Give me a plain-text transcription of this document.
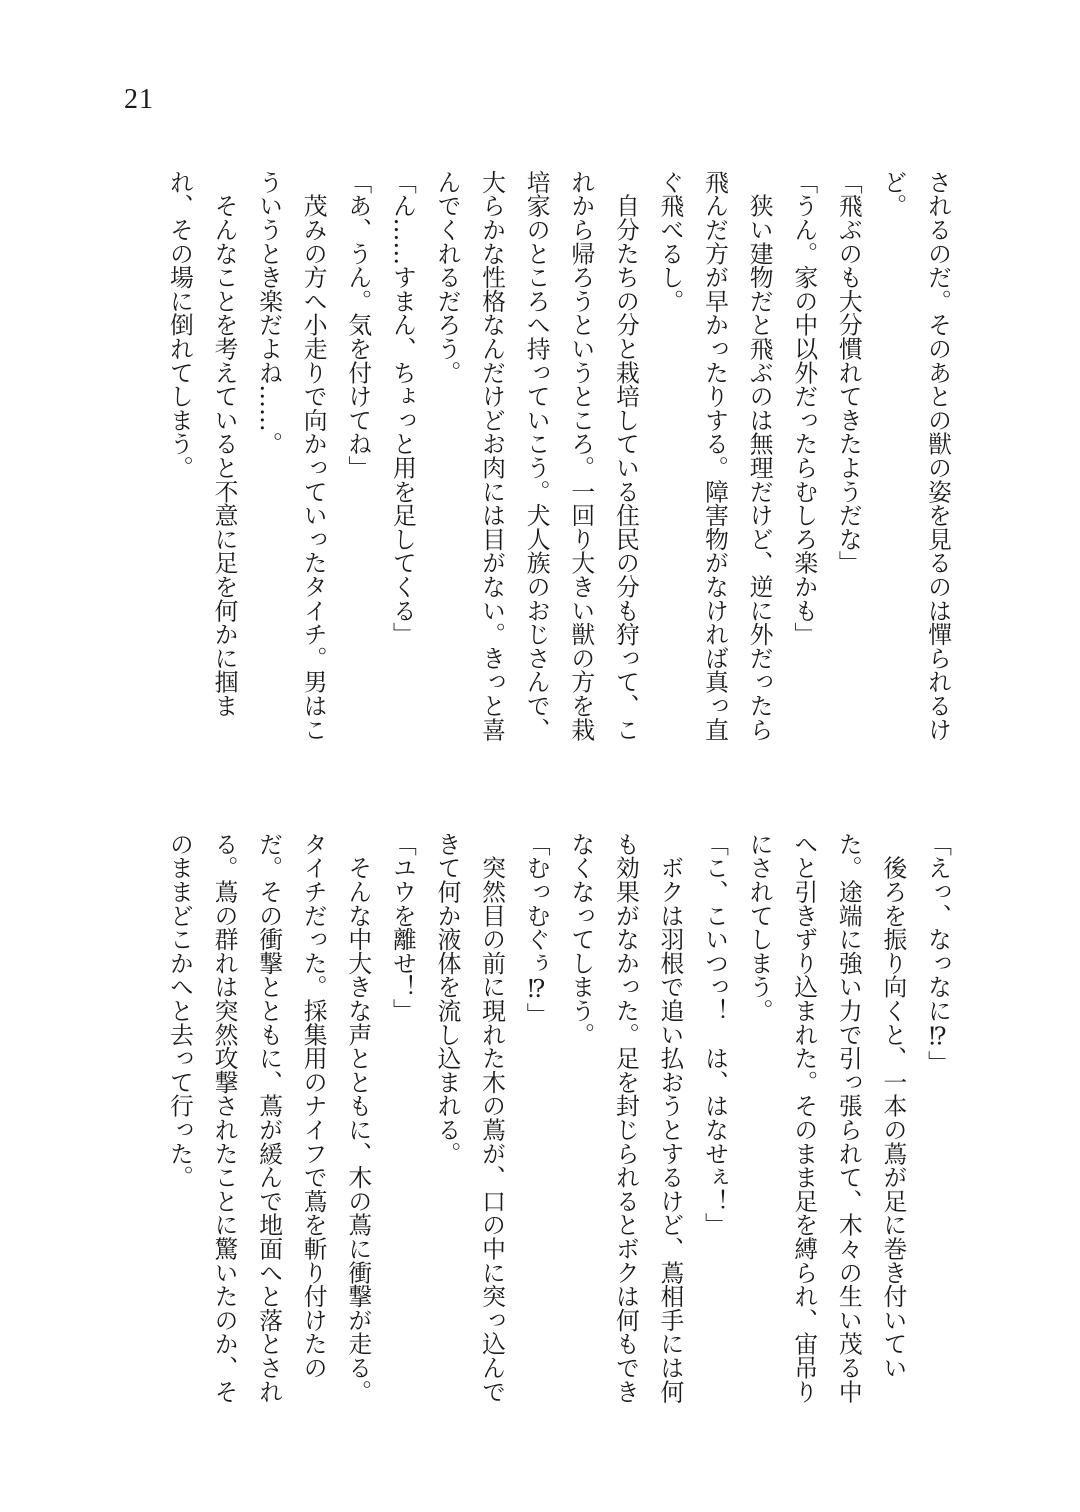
21
されるのだ。そのあとの獣の姿を見るのは憚られるけ
ど。
「飛ぶのも大分慣れてきたようだな」
「うん。家の中以外だったらむしろ楽かも」
　狭い建物だと飛ぶのは無理だけど、逆に外だったら
飛んだ方が早かったりする。障害物がなければ真っ直
ぐ飛べるし。
　自分たちの分と栽培している住民の分も狩って、こ
れから帰ろうというところ。一回り大きい獣の方を栽
培家のところへ持っていこう。犬人族のおじさんで、
大らかな性格なんだけどお肉には目がない。きっと喜
んでくれるだろう。
「ん……すまん、ちょっと用を足してくる」
「あ、うん。気を付けてね」
　茂みの方へ小走りで向かっていったタイチ。男はこ
ういうとき楽だよね……。
　そんなことを考えていると不意に足を何かに掴ま
れ、その場に倒れてしまう。
「えっ、なっなに⁉」
　後ろを振り向くと、一本の蔦が足に巻き付いてい
た。途端に強い力で引っ張られて、木々の生い茂る中
へと引きずり込まれた。そのまま足を縛られ、宙吊り
にされてしまう。
「こ、こいつっ！　は、はなせぇ！」
　ボクは羽根で追い払おうとするけど、蔦相手には何
も効果がなかった。足を封じられるとボクは何もでき
なくなってしまう。
「むっむぐぅ⁉」
　突然目の前に現れた木の蔦が、口の中に突っ込んで
きて何か液体を流し込まれる。
「ユウを離せ！」
　そんな中大きな声とともに、木の蔦に衝撃が走る。
タイチだった。採集用のナイフで蔦を斬り付けたの
だ。その衝撃とともに、蔦が緩んで地面へと落とされ
る。蔦の群れは突然攻撃されたことに驚いたのか、そ
のままどこかへと去って行った。
